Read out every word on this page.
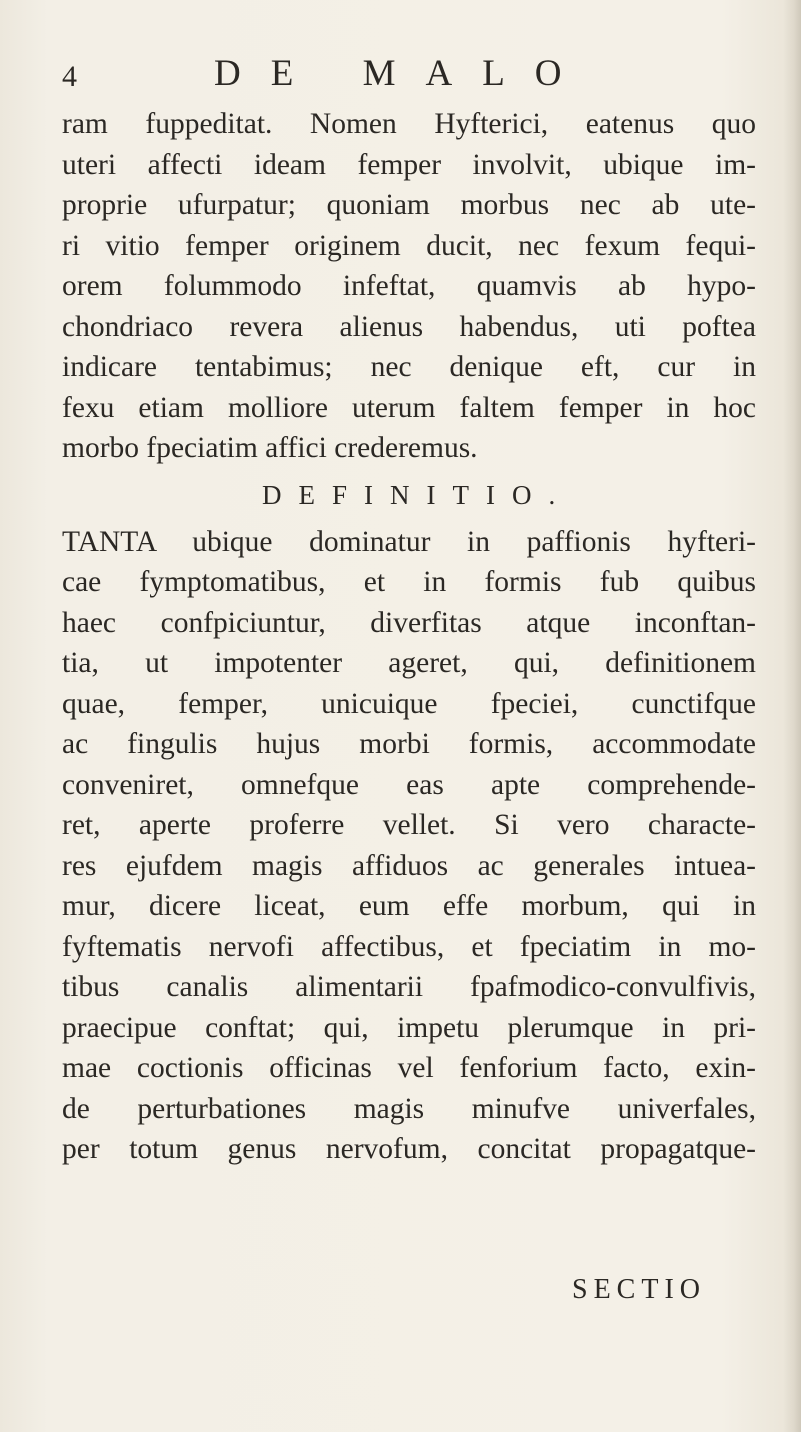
4	DE MALO
ram fuppeditat. Nomen Hyfterici, eatenus quo
uteri affecti ideam femper involvit, ubique im-
proprie ufurpatur; quoniam morbus nec ab ute-
ri vitio femper originem ducit, nec fexum fequi-
orem folummodo infeftat, quamvis ab hypo-
chondriaco revera alienus habendus, uti poftea
indicare tentabimus; nec denique eft, cur in
fexu etiam molliore uterum faltem femper in hoc
morbo fpeciatim affici crederemus.
DEFINITIO.
TANTA ubique dominatur in paffionis hyfteri-
cae fymptomatibus, et in formis fub quibus
haec confpiciuntur, diverfitas atque inconftan-
tia, ut impotenter ageret, qui, definitionem
quae, femper, unicuique fpeciei, cunctifque
ac fingulis hujus morbi formis, accommodate
conveniret, omnefque eas apte comprehende-
ret, aperte proferre vellet. Si vero characte-
res ejufdem magis affiduos ac generales intuea-
mur, dicere liceat, eum effe morbum, qui in
fyftematis nervofi affectibus, et fpeciatim in mo-
tibus canalis alimentarii fpafmodico-convulfivis,
praecipue conftat; qui, impetu plerumque in pri-
mae coctionis officinas vel fenforium facto, exin-
de perturbationes magis minufve univerfales,
per totum genus nervofum, concitat propagatque-
SECTIO
